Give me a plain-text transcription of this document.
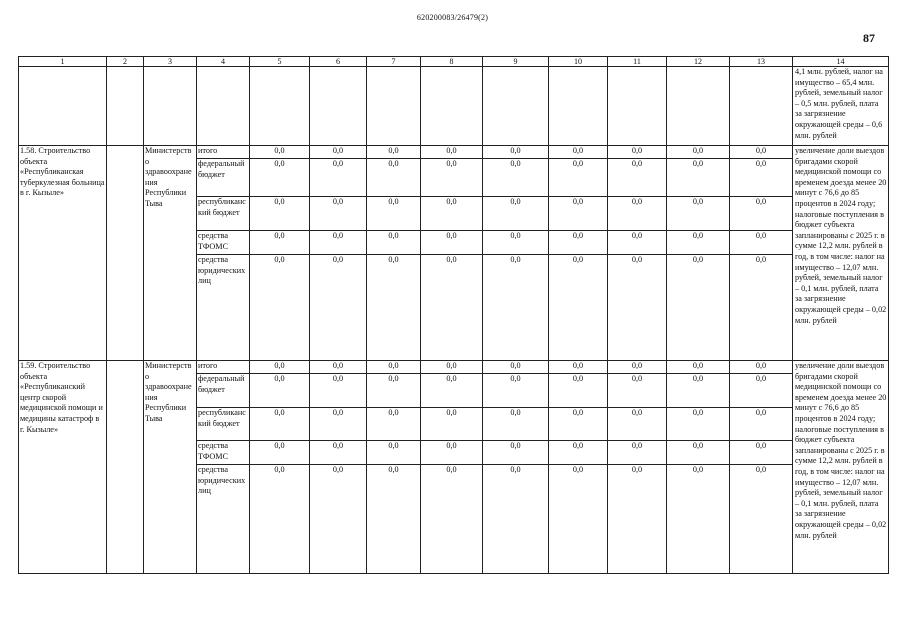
620200083/26479(2)
87
1	2	3	4	5	6	7	8	9	10	11	12	13	14
													4,1 млн. рублей, налог на имущество – 65,4 млн. рублей, земельный налог – 0,5 млн. рублей, плата за загрязнение окружающей среды – 0,6 млн. рублей
1.58. Строительство объекта «Республиканская туберкулезная больница в г. Кызыле»		Министерство здравоохранения Республики Тыва	итого	0,0	0,0	0,0	0,0	0,0	0,0	0,0	0,0	0,0	увеличение доли выездов бригадами скорой медицинской помощи со временем доезда менее 20 минут с 76,6 до 85 процентов в 2024 году; налоговые поступления в бюджет субъекта запланированы с 2025 г. в сумме 12,2 млн. рублей в год, в том числе: налог на имущество – 12,07 млн. рублей, земельный налог – 0,1 млн. рублей, плата за загрязнение окружающей среды – 0,02 млн. рублей
			федеральный бюджет	0,0	0,0	0,0	0,0	0,0	0,0	0,0	0,0	0,0	
			республиканский бюджет	0,0	0,0	0,0	0,0	0,0	0,0	0,0	0,0	0,0	
			средства ТФОМС	0,0	0,0	0,0	0,0	0,0	0,0	0,0	0,0	0,0	
			средства юридических лиц	0,0	0,0	0,0	0,0	0,0	0,0	0,0	0,0	0,0	
1.59. Строительство объекта «Республиканский центр скорой медицинской помощи и медицины катастроф в г. Кызыле»		Министерство здравоохранения Республики Тыва	итого	0,0	0,0	0,0	0,0	0,0	0,0	0,0	0,0	0,0	увеличение доли выездов бригадами скорой медицинской помощи со временем доезда менее 20 минут с 76,6 до 85 процентов в 2024 году; налоговые поступления в бюджет субъекта запланированы с 2025 г. в сумме 12,2 млн. рублей в год, в том числе: налог на имущество – 12,07 млн. рублей, земельный налог – 0,1 млн. рублей, плата за загрязнение окружающей среды – 0,02 млн. рублей
			федеральный бюджет	0,0	0,0	0,0	0,0	0,0	0,0	0,0	0,0	0,0	
			республиканский бюджет	0,0	0,0	0,0	0,0	0,0	0,0	0,0	0,0	0,0	
			средства ТФОМС	0,0	0,0	0,0	0,0	0,0	0,0	0,0	0,0	0,0	
			средства юридических лиц	0,0	0,0	0,0	0,0	0,0	0,0	0,0	0,0	0,0	
